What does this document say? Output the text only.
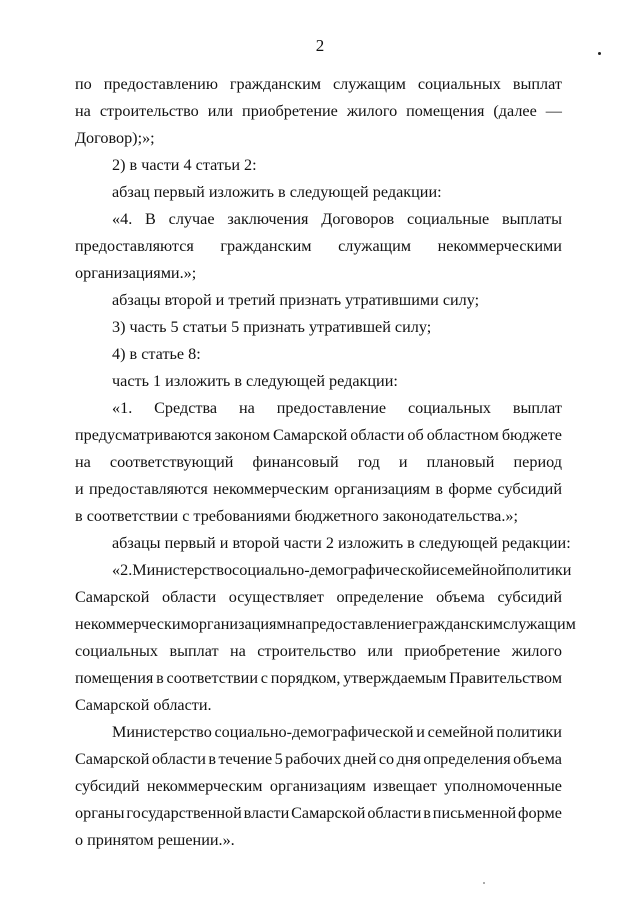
2
по предоставлению гражданским служащим социальных выплат
на строительство или приобретение жилого помещения (далее —
Договор);»;
2) в части 4 статьи 2:
абзац первый изложить в следующей редакции:
«4. В случае заключения Договоров социальные выплаты
предоставляются гражданским служащим некоммерческими
организациями.»;
абзацы второй и третий признать утратившими силу;
3) часть 5 статьи 5 признать утратившей силу;
4) в статье 8:
часть 1 изложить в следующей редакции:
«1. Средства на предоставление социальных выплат
предусматриваются законом Самарской области об областном бюджете
на соответствующий финансовый год и плановый период
и предоставляются некоммерческим организациям в форме субсидий
в соответствии с требованиями бюджетного законодательства.»;
абзацы первый и второй части 2 изложить в следующей редакции:
«2. Министерство социально-демографической и семейной политики
Самарской области осуществляет определение объема субсидий
некоммерческим организациям на предоставление гражданским служащим
социальных выплат на строительство или приобретение жилого
помещения в соответствии с порядком, утверждаемым Правительством
Самарской области.
Министерство социально-демографической и семейной политики
Самарской области в течение 5 рабочих дней со дня определения объема
субсидий некоммерческим организациям извещает уполномоченные
органы государственной власти Самарской области в письменной форме
о принятом решении.».
